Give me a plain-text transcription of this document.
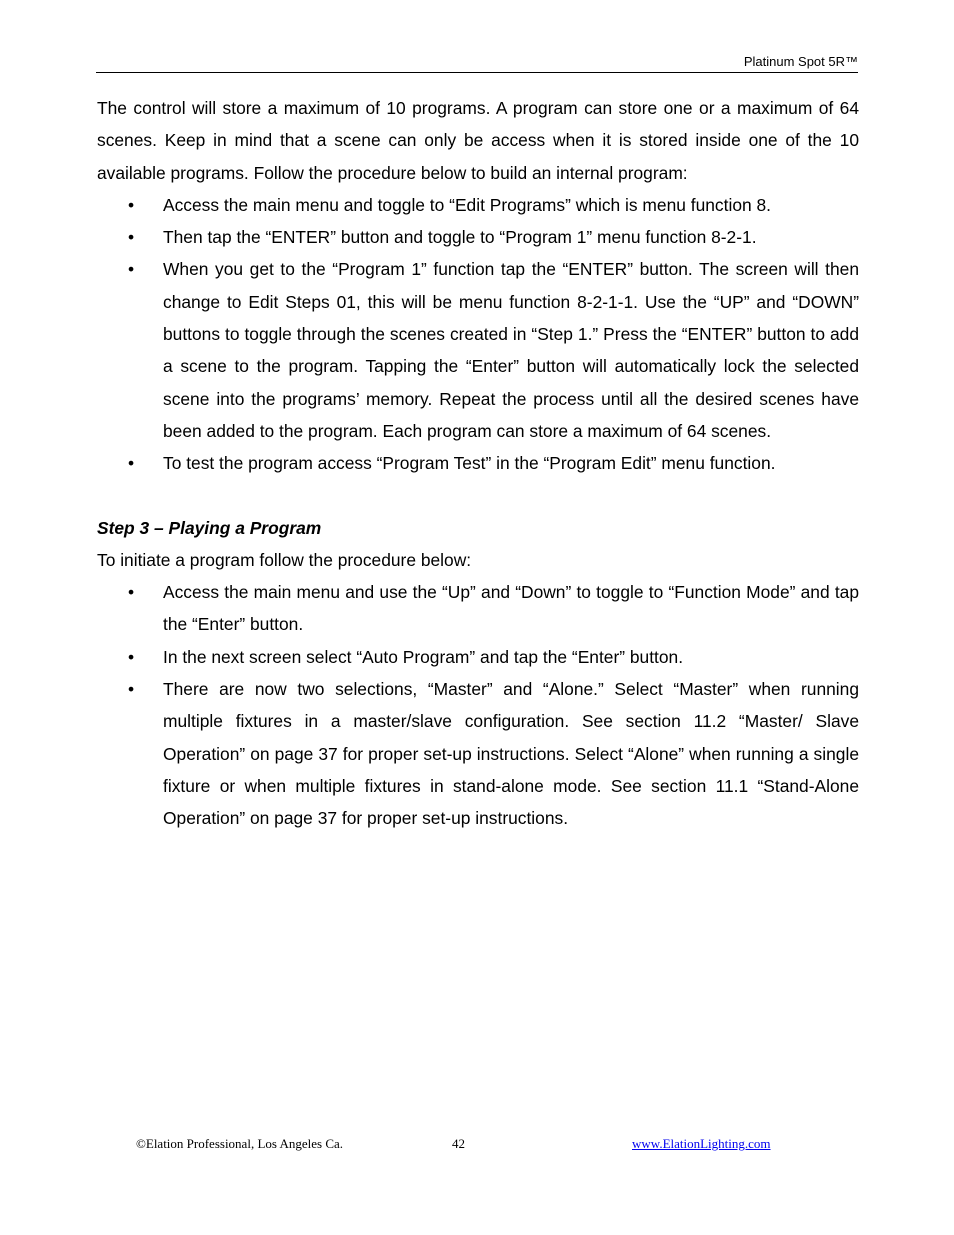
Platinum Spot 5R™

The control will store a maximum of 10 programs. A program can store one or a maximum of 64 scenes. Keep in mind that a scene can only be access when it is stored inside one of the 10 available programs. Follow the procedure below to build an internal program:

• Access the main menu and toggle to “Edit Programs” which is menu function 8.
• Then tap the “ENTER” button and toggle to “Program 1” menu function 8-2-1.
• When you get to the “Program 1” function tap the “ENTER” button. The screen will then change to Edit Steps 01, this will be menu function 8-2-1-1. Use the “UP” and “DOWN” buttons to toggle through the scenes created in “Step 1.” Press the “ENTER” button to add a scene to the program. Tapping the “Enter” button will automatically lock the selected scene into the programs’ memory. Repeat the process until all the desired scenes have been added to the program. Each program can store a maximum of 64 scenes.
• To test the program access “Program Test” in the “Program Edit” menu function.

Step 3 – Playing a Program

To initiate a program follow the procedure below:

• Access the main menu and use the “Up” and “Down” to toggle to “Function Mode” and tap the “Enter” button.
• In the next screen select “Auto Program” and tap the “Enter” button.
• There are now two selections, “Master” and “Alone.” Select “Master” when running multiple fixtures in a master/slave configuration. See section 11.2 “Master/ Slave Operation” on page 37 for proper set-up instructions. Select “Alone” when running a single fixture or when multiple fixtures in stand-alone mode. See section 11.1 “Stand-Alone Operation” on page 37 for proper set-up instructions.
©Elation Professional, Los Angeles Ca.	42	www.ElationLighting.com
